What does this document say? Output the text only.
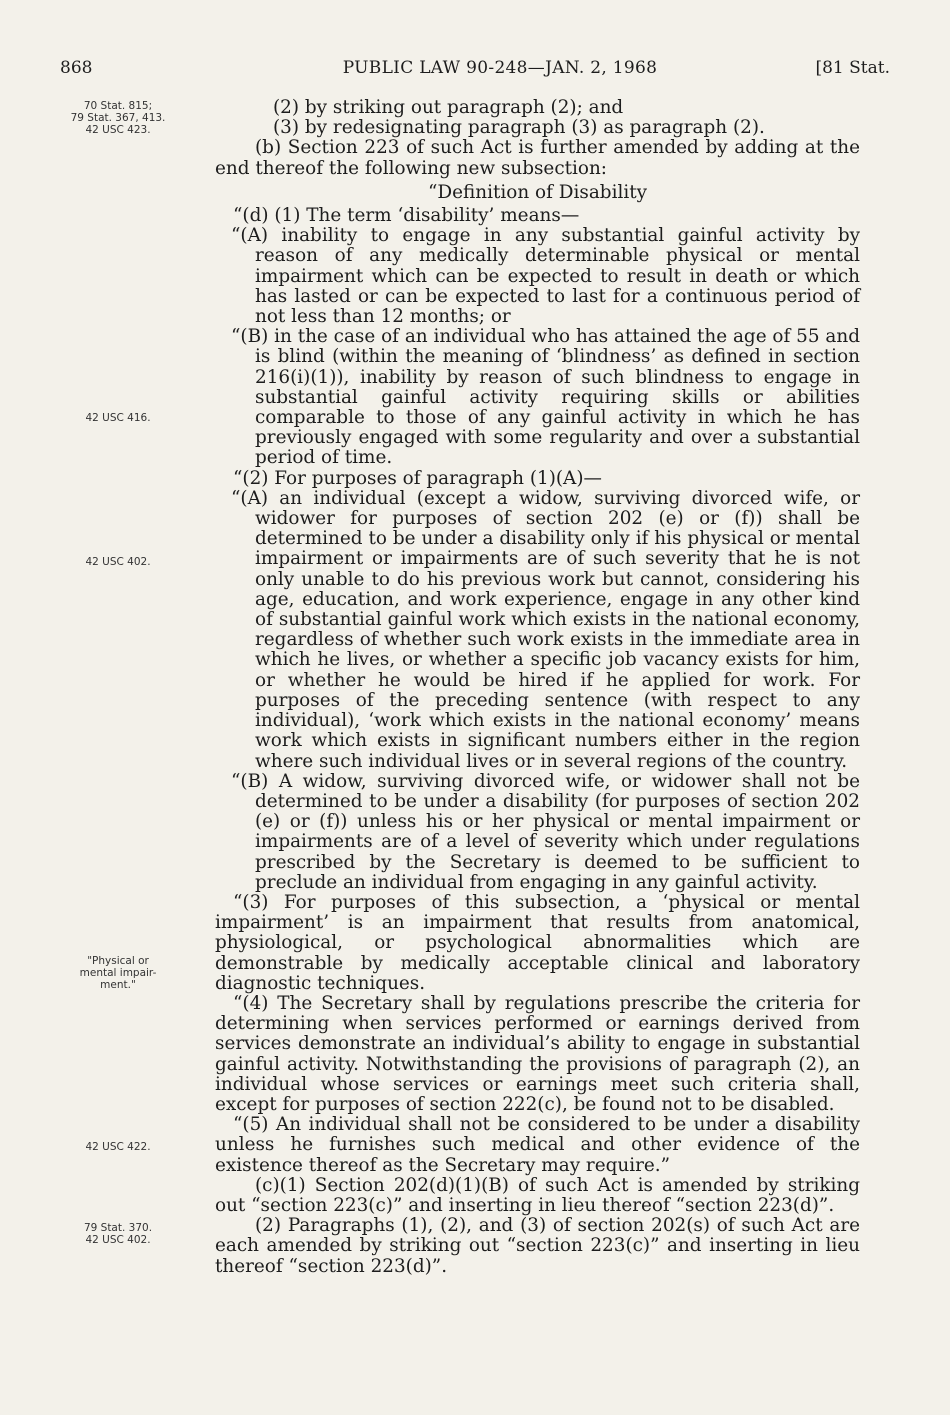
868	PUBLIC LAW 90-248—JAN. 2, 1968	[81 Stat.
70 Stat. 815;
79 Stat. 367, 413.
42 USC 423.
42 USC 416.
42 USC 402.
"Physical or
mental impair-
ment."
42 USC 422.
79 Stat. 370.
42 USC 402.

(2) by striking out paragraph (2); and

(3) by redesignating paragraph (3) as paragraph (2).

(b) Section 223 of such Act is further amended by adding at the end thereof the following new subsection:

“Definition of Disability

“(d) (1) The term ‘disability’ means—

“(A) inability to engage in any substantial gainful activity by reason of any medically determinable physical or mental impairment which can be expected to result in death or which has lasted or can be expected to last for a continuous period of not less than 12 months; or

“(B) in the case of an individual who has attained the age of 55 and is blind (within the meaning of ‘blindness’ as defined in section 216(i)(1)), inability by reason of such blindness to engage in substantial gainful activity requiring skills or abilities comparable to those of any gainful activity in which he has previously engaged with some regularity and over a substantial period of time.

“(2) For purposes of paragraph (1)(A)—

“(A) an individual (except a widow, surviving divorced wife, or widower for purposes of section 202 (e) or (f)) shall be determined to be under a disability only if his physical or mental impairment or impairments are of such severity that he is not only unable to do his previous work but cannot, considering his age, education, and work experience, engage in any other kind of substantial gainful work which exists in the national economy, regardless of whether such work exists in the immediate area in which he lives, or whether a specific job vacancy exists for him, or whether he would be hired if he applied for work. For purposes of the preceding sentence (with respect to any individual), ‘work which exists in the national economy’ means work which exists in significant numbers either in the region where such individual lives or in several regions of the country.

“(B) A widow, surviving divorced wife, or widower shall not be determined to be under a disability (for purposes of section 202 (e) or (f)) unless his or her physical or mental impairment or impairments are of a level of severity which under regulations prescribed by the Secretary is deemed to be sufficient to preclude an individual from engaging in any gainful activity.

“(3) For purposes of this subsection, a ‘physical or mental impairment’ is an impairment that results from anatomical, physiological, or psychological abnormalities which are demonstrable by medically acceptable clinical and laboratory diagnostic techniques.

“(4) The Secretary shall by regulations prescribe the criteria for determining when services performed or earnings derived from services demonstrate an individual’s ability to engage in substantial gainful activity. Notwithstanding the provisions of paragraph (2), an individual whose services or earnings meet such criteria shall, except for purposes of section 222(c), be found not to be disabled.

“(5) An individual shall not be considered to be under a disability unless he furnishes such medical and other evidence of the existence thereof as the Secretary may require.”

(c)(1) Section 202(d)(1)(B) of such Act is amended by striking out “section 223(c)” and inserting in lieu thereof “section 223(d)”.

(2) Paragraphs (1), (2), and (3) of section 202(s) of such Act are each amended by striking out “section 223(c)” and inserting in lieu thereof “section 223(d)”.
